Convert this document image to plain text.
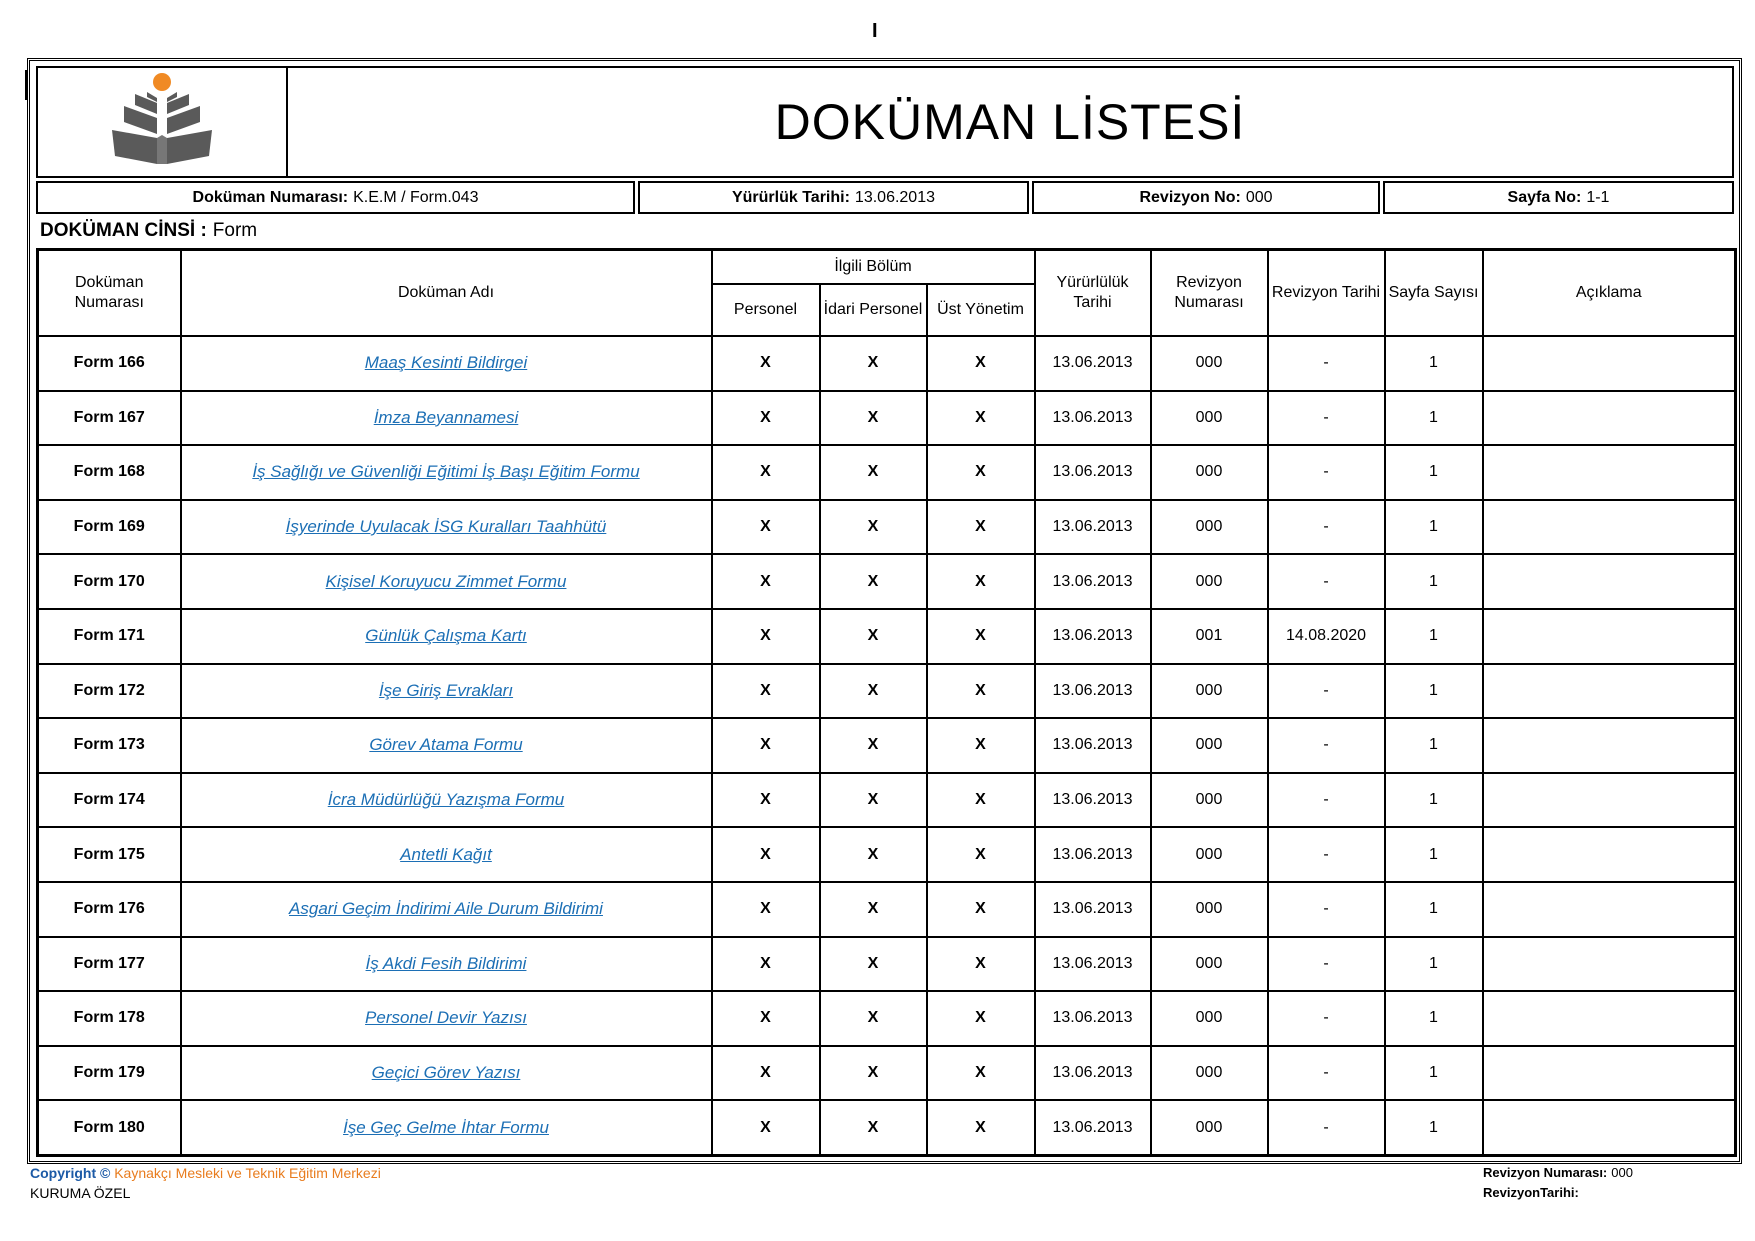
I
DOKÜMAN LİSTESİ
Doküman Numarası: K.E.M / Form.043	Yürürlük Tarihi: 13.06.2013	Revizyon No: 000	Sayfa No: 1-1
DOKÜMAN CİNSİ : Form
Doküman Numarası	Doküman Adı	İlgili Bölüm			Yürürlülük Tarihi	Revizyon Numarası	Revizyon Tarihi	Sayfa Sayısı	Açıklama
		Personel	İdari Personel	Üst Yönetim					
Form 166	Maaş Kesinti Bildirgei	X	X	X	13.06.2013	000	-	1	
Form 167	İmza Beyannamesi	X	X	X	13.06.2013	000	-	1	
Form 168	İş Sağlığı ve Güvenliği Eğitimi İş Başı Eğitim Formu	X	X	X	13.06.2013	000	-	1	
Form 169	İşyerinde Uyulacak İSG Kuralları Taahhütü	X	X	X	13.06.2013	000	-	1	
Form 170	Kişisel Koruyucu Zimmet Formu	X	X	X	13.06.2013	000	-	1	
Form 171	Günlük Çalışma Kartı	X	X	X	13.06.2013	001	14.08.2020	1	
Form 172	İşe Giriş Evrakları	X	X	X	13.06.2013	000	-	1	
Form 173	Görev Atama Formu	X	X	X	13.06.2013	000	-	1	
Form 174	İcra Müdürlüğü Yazışma Formu	X	X	X	13.06.2013	000	-	1	
Form 175	Antetli Kağıt	X	X	X	13.06.2013	000	-	1	
Form 176	Asgari Geçim İndirimi Aile Durum Bildirimi	X	X	X	13.06.2013	000	-	1	
Form 177	İş Akdi Fesih Bildirimi	X	X	X	13.06.2013	000	-	1	
Form 178	Personel Devir Yazısı	X	X	X	13.06.2013	000	-	1	
Form 179	Geçici Görev Yazısı	X	X	X	13.06.2013	000	-	1	
Form 180	İşe Geç Gelme İhtar Formu	X	X	X	13.06.2013	000	-	1	
Copyright © Kaynakçı Mesleki ve Teknik Eğitim Merkezi
KURUMA ÖZEL
Revizyon Numarası: 000
RevizyonTarihi:
